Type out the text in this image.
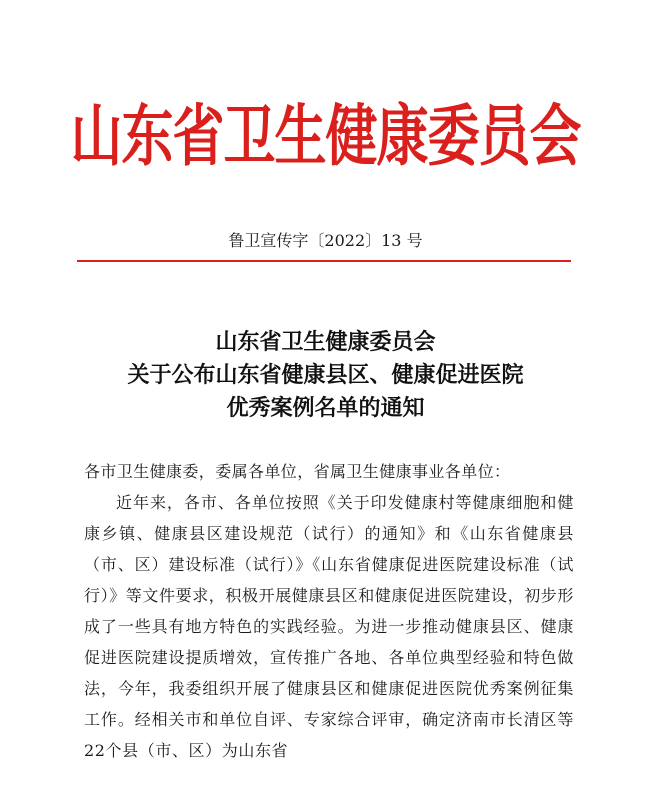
山东省卫生健康委员会
鲁卫宣传字〔2022〕13 号
山东省卫生健康委员会
关于公布山东省健康县区、健康促进医院
优秀案例名单的通知

各市卫生健康委，委属各单位，省属卫生健康事业各单位：

近年来，各市、各单位按照《关于印发健康村等健康细胞和健康乡镇、健康县区建设规范（试行）的通知》和《山东省健康县（市、区）建设标准（试行）》《山东省健康促进医院建设标准（试行）》等文件要求，积极开展健康县区和健康促进医院建设，初步形成了一些具有地方特色的实践经验。为进一步推动健康县区、健康促进医院建设提质增效，宣传推广各地、各单位典型经验和特色做法，今年，我委组织开展了健康县区和健康促进医院优秀案例征集工作。经相关市和单位自评、专家综合评审，确定济南市长清区等22个县（市、区）为山东省
